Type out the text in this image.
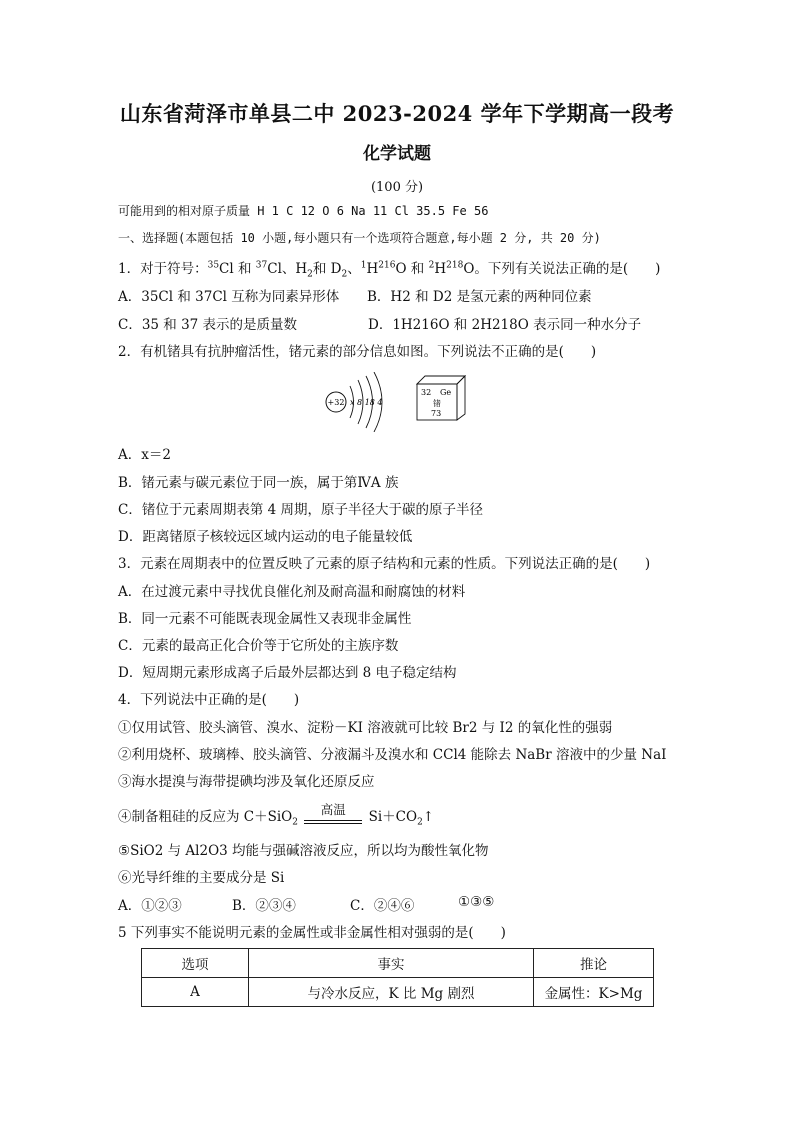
山东省菏泽市单县二中 2023-2024 学年下学期高一段考
化学试题
(100 分)
可能用到的相对原子质量 H 1 C 12 O 6 Na 11 Cl 35.5 Fe 56
一、选择题(本题包括 10 小题,每小题只有一个选项符合题意,每小题 2 分, 共 20 分)
1．对于符号：$^{35}$Cl 和 $^{37}$Cl、$H_2$和 $D_2$、$^1H^{216}O$ 和 $^2H^{218}O$。下列有关说法正确的是(　　)
A．35Cl 和 37Cl 互称为同素异形体 B．H2 和 D2 是氢元素的两种同位素
C．35 和 37 表示的是质量数	D．1H216O 和 2H218O 表示同一种水分子
2．有机锗具有抗肿瘤活性，锗元素的部分信息如图。下列说法不正确的是(　　)
+32 x 8 18 4
32 Ge
锗
73
A．x＝2
B．锗元素与碳元素位于同一族，属于第ⅣA 族
C．锗位于元素周期表第 4 周期，原子半径大于碳的原子半径
D．距离锗原子核较远区域内运动的电子能量较低
3．元素在周期表中的位置反映了元素的原子结构和元素的性质。下列说法正确的是(　　)
A．在过渡元素中寻找优良催化剂及耐高温和耐腐蚀的材料
B．同一元素不可能既表现金属性又表现非金属性
C．元素的最高正化合价等于它所处的主族序数
D．短周期元素形成离子后最外层都达到 8 电子稳定结构
4．下列说法中正确的是(　　)
①仅用试管、胶头滴管、溴水、淀粉－KI 溶液就可比较 Br2 与 I2 的氧化性的强弱
②利用烧杯、玻璃棒、胶头滴管、分液漏斗及溴水和 CCl4 能除去 NaBr 溶液中的少量 NaI
③海水提溴与海带提碘均涉及氧化还原反应
④制备粗硅的反应为 C＋SiO$_2$
高温	$Si+CO_2↑$
⑤SiO2 与 Al2O3 均能与强碱溶液反应，所以均为酸性氧化物
⑥光导纤维的主要成分是 Si
A．①②③	B．②③④	C．②④⑥	①③⑤
5 下列事实不能说明元素的金属性或非金属性相对强弱的是(　　)
选项	事实	推论
A	与冷水反应，K 比 Mg 剧烈	金属性：K>Mg
